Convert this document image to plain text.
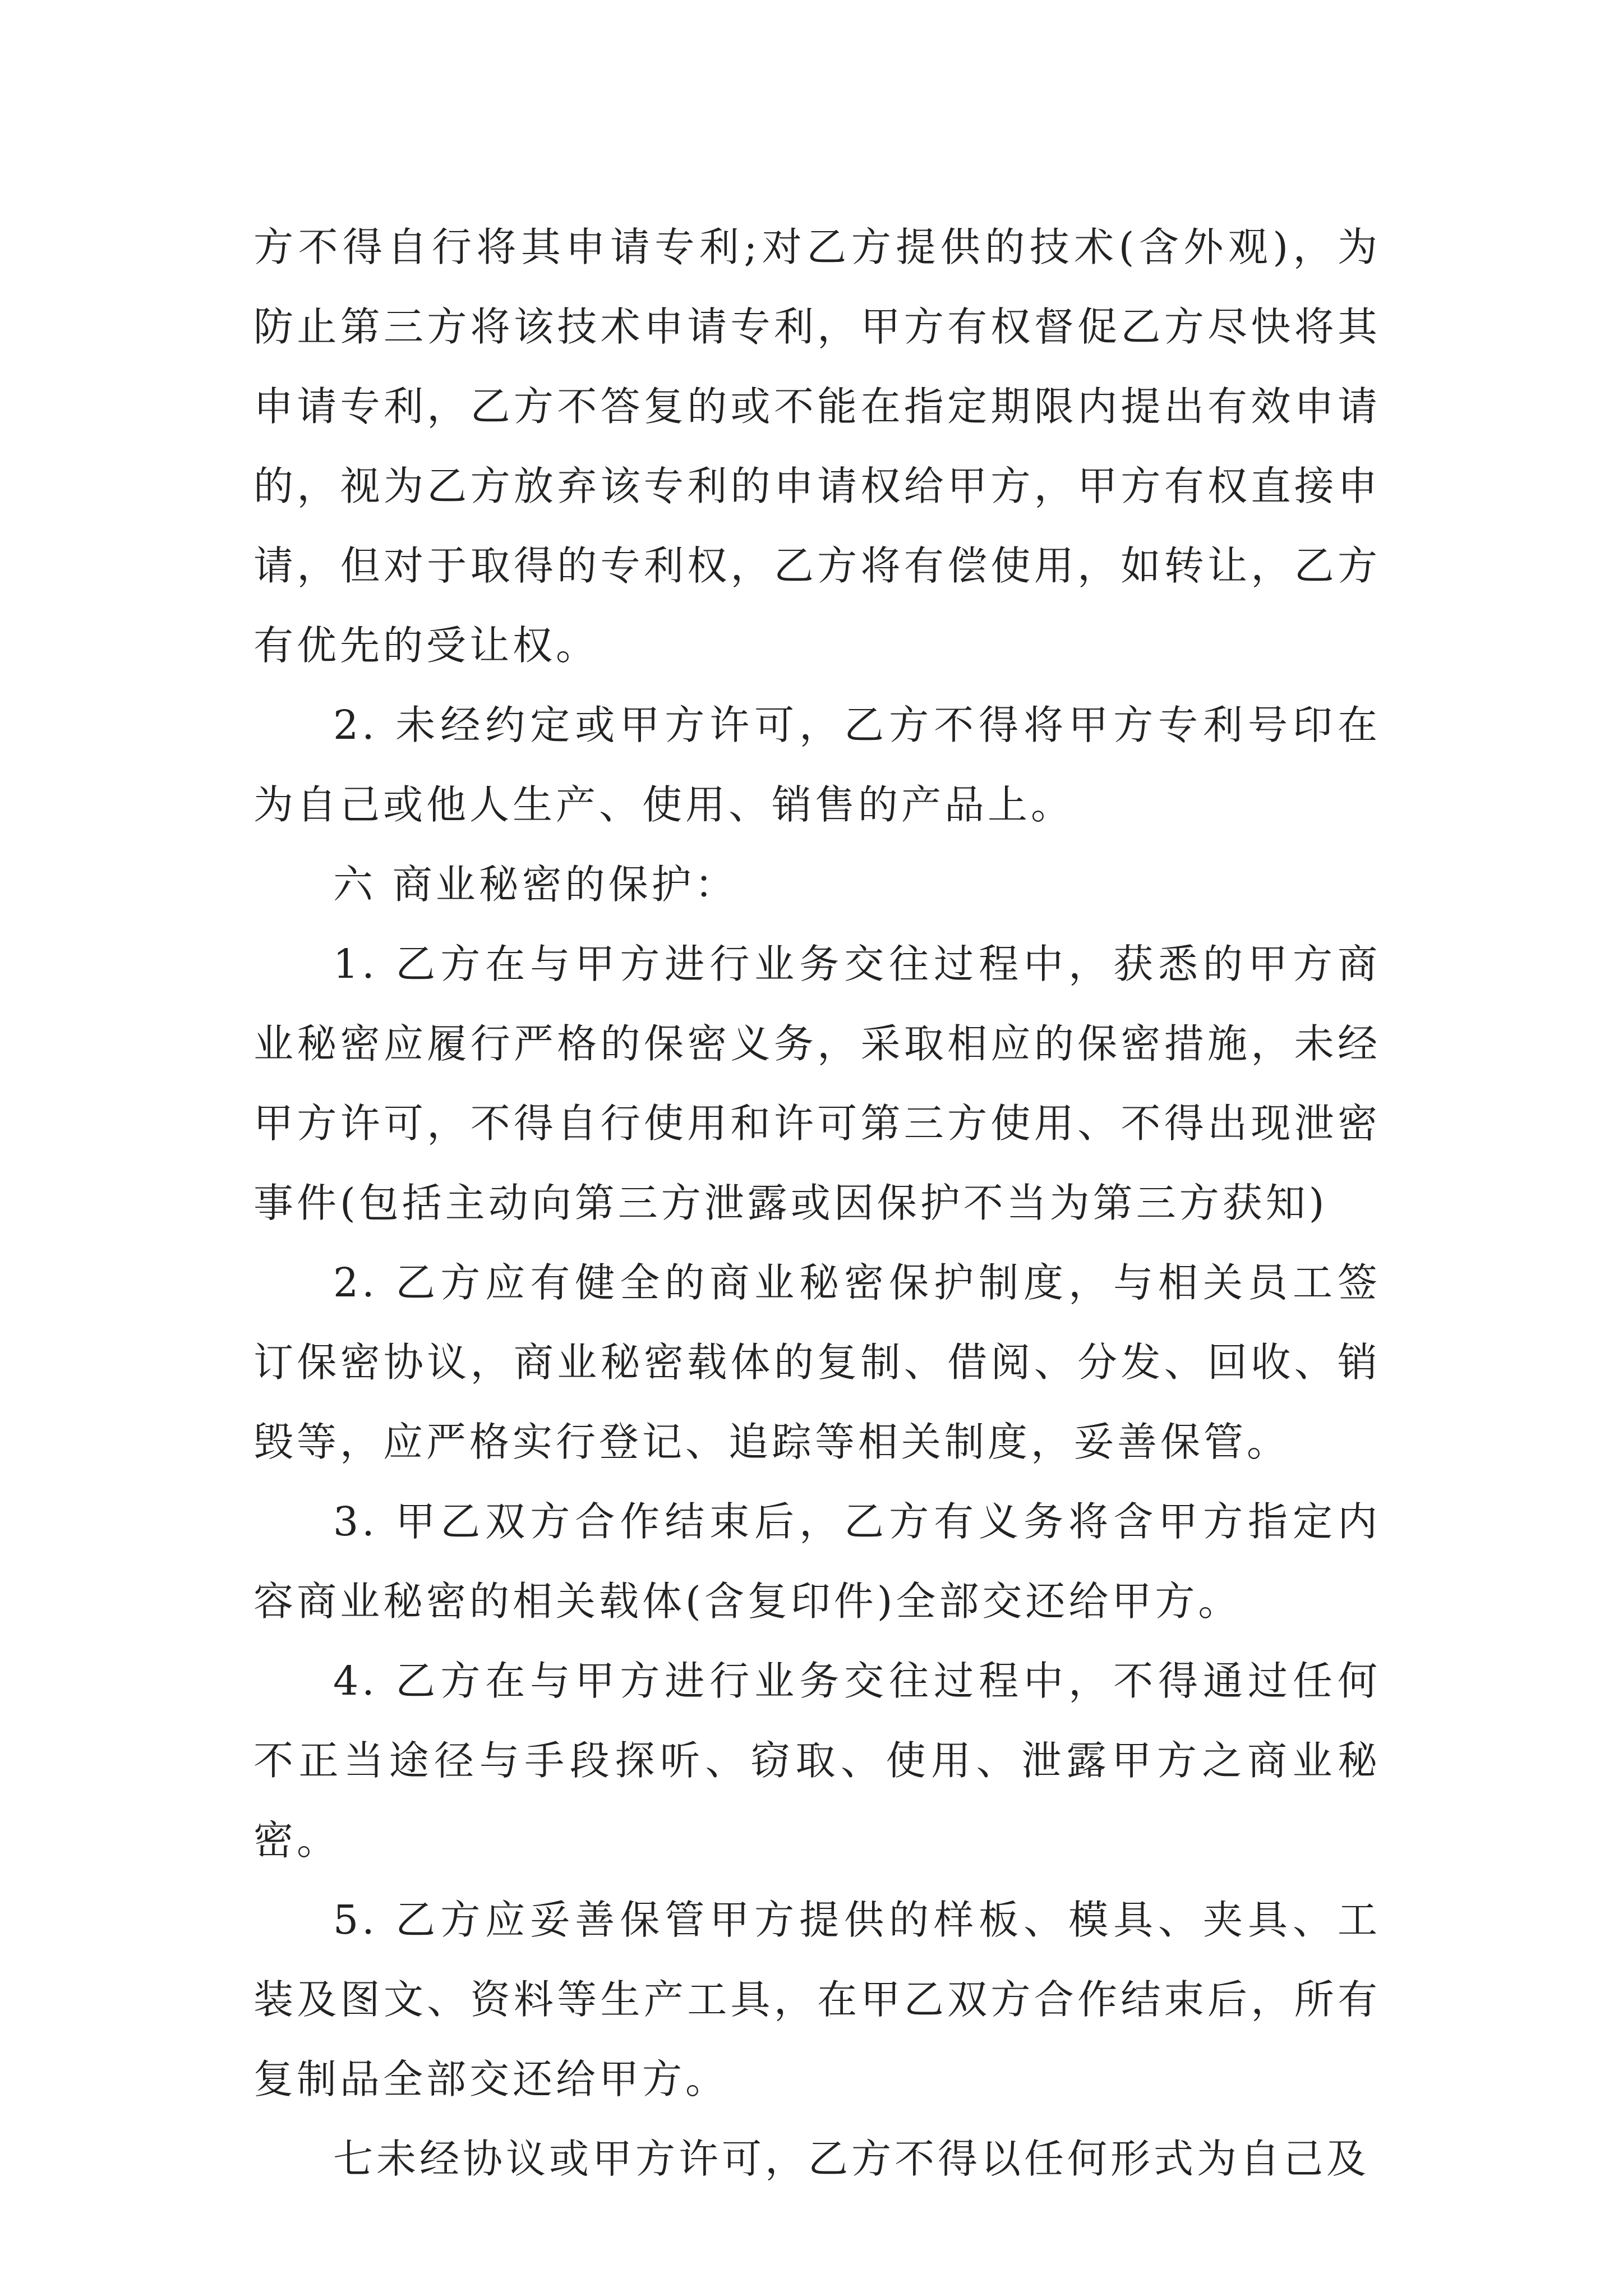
方不得自行将其申请专利;对乙方提供的技术(含外观)，为防止第三方将该技术申请专利，甲方有权督促乙方尽快将其申请专利，乙方不答复的或不能在指定期限内提出有效申请的，视为乙方放弃该专利的申请权给甲方，甲方有权直接申请，但对于取得的专利权，乙方将有偿使用，如转让，乙方有优先的受让权。

2. 未经约定或甲方许可，乙方不得将甲方专利号印在为自己或他人生产、使用、销售的产品上。

六 商业秘密的保护：

1. 乙方在与甲方进行业务交往过程中，获悉的甲方商业秘密应履行严格的保密义务，采取相应的保密措施，未经甲方许可，不得自行使用和许可第三方使用、不得出现泄密事件(包括主动向第三方泄露或因保护不当为第三方获知)

2. 乙方应有健全的商业秘密保护制度，与相关员工签订保密协议，商业秘密载体的复制、借阅、分发、回收、销毁等，应严格实行登记、追踪等相关制度，妥善保管。

3. 甲乙双方合作结束后，乙方有义务将含甲方指定内容商业秘密的相关载体(含复印件)全部交还给甲方。

4. 乙方在与甲方进行业务交往过程中，不得通过任何不正当途径与手段探听、窃取、使用、泄露甲方之商业秘密。

5. 乙方应妥善保管甲方提供的样板、模具、夹具、工装及图文、资料等生产工具，在甲乙双方合作结束后，所有复制品全部交还给甲方。

七未经协议或甲方许可，乙方不得以任何形式为自己及
